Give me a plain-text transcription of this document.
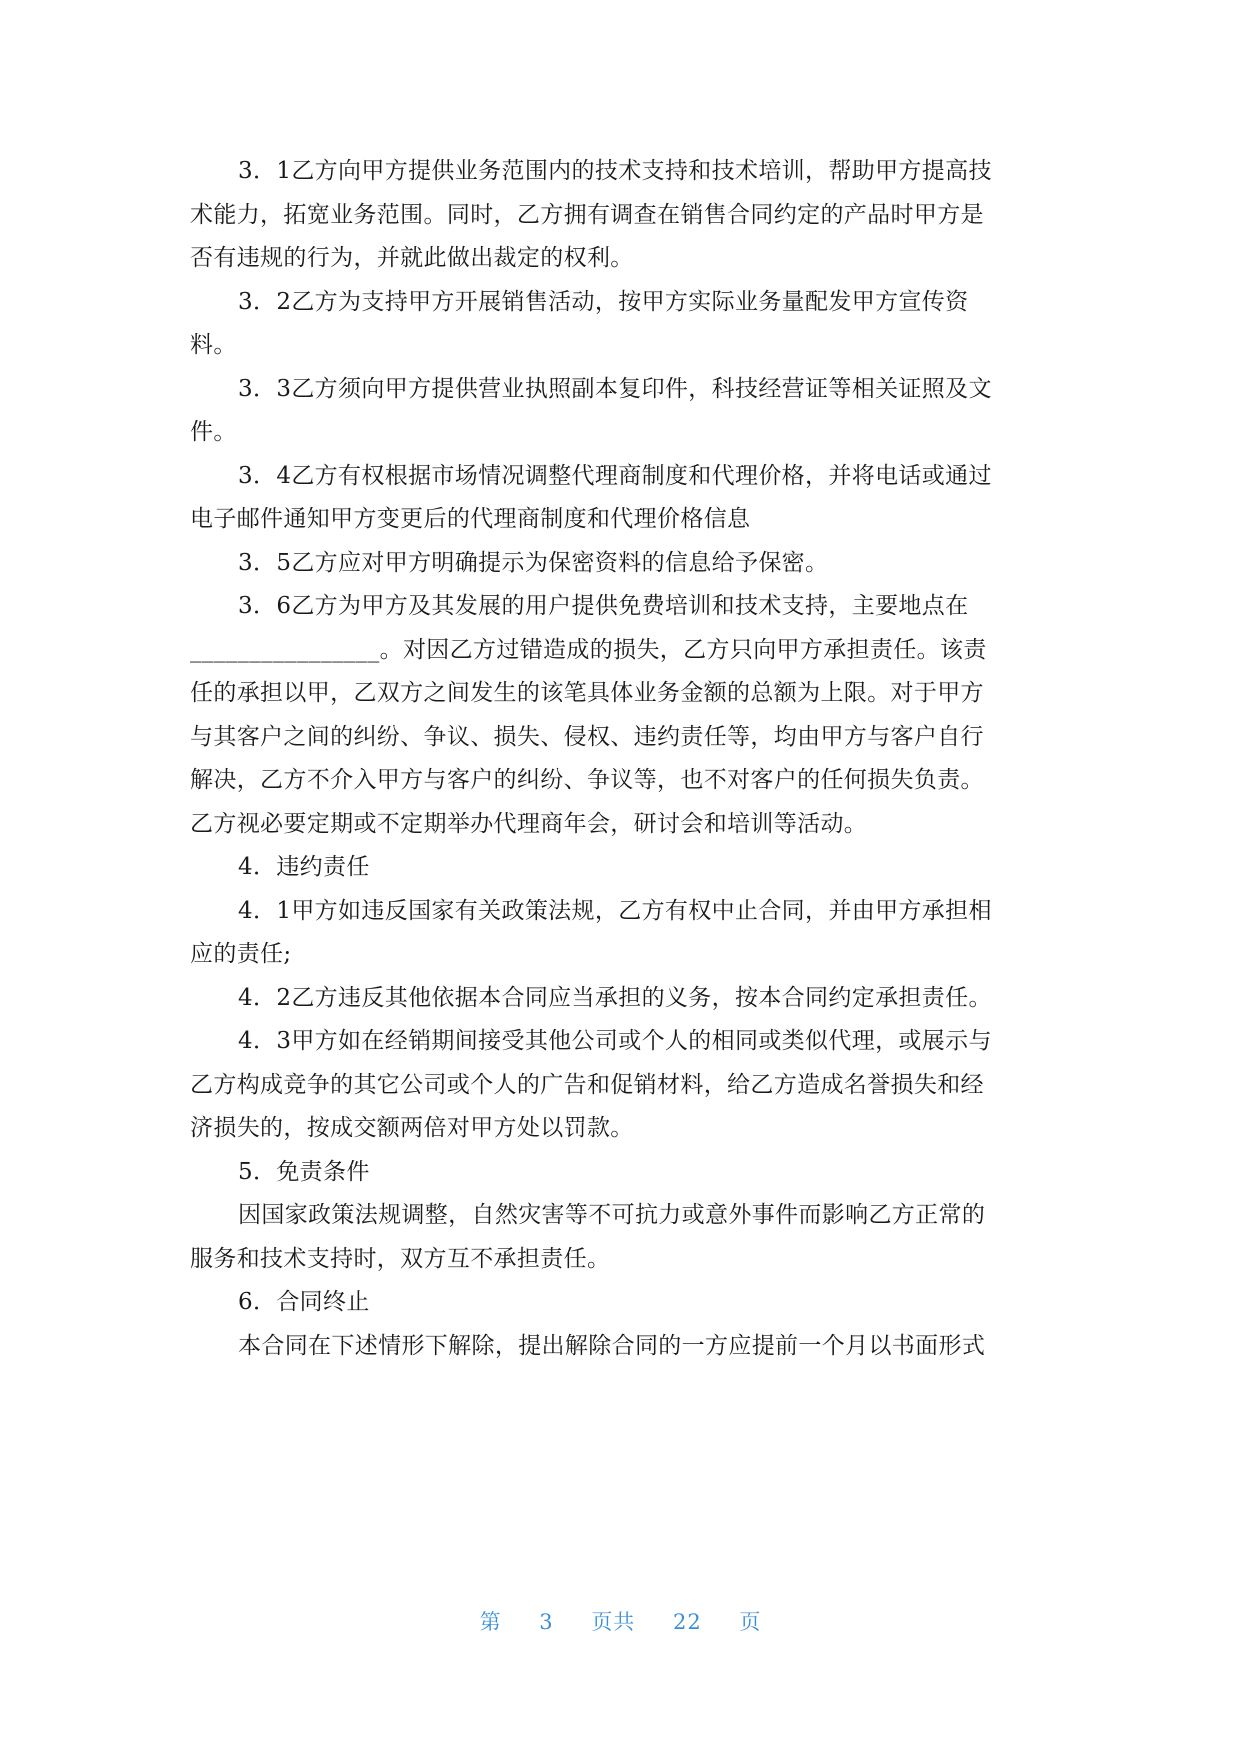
3．1乙方向甲方提供业务范围内的技术支持和技术培训，帮助甲方提高技
术能力，拓宽业务范围。同时，乙方拥有调查在销售合同约定的产品时甲方是
否有违规的行为，并就此做出裁定的权利。
3．2乙方为支持甲方开展销售活动，按甲方实际业务量配发甲方宣传资
料。
3．3乙方须向甲方提供营业执照副本复印件，科技经营证等相关证照及文
件。
3．4乙方有权根据市场情况调整代理商制度和代理价格，并将电话或通过
电子邮件通知甲方变更后的代理商制度和代理价格信息
3．5乙方应对甲方明确提示为保密资料的信息给予保密。
3．6乙方为甲方及其发展的用户提供免费培训和技术支持，主要地点在
________________。对因乙方过错造成的损失，乙方只向甲方承担责任。该责
任的承担以甲，乙双方之间发生的该笔具体业务金额的总额为上限。对于甲方
与其客户之间的纠纷、争议、损失、侵权、违约责任等，均由甲方与客户自行
解决，乙方不介入甲方与客户的纠纷、争议等，也不对客户的任何损失负责。
乙方视必要定期或不定期举办代理商年会，研讨会和培训等活动。
4．违约责任
4．1甲方如违反国家有关政策法规，乙方有权中止合同，并由甲方承担相
应的责任;
4．2乙方违反其他依据本合同应当承担的义务，按本合同约定承担责任。
4．3甲方如在经销期间接受其他公司或个人的相同或类似代理，或展示与
乙方构成竞争的其它公司或个人的广告和促销材料，给乙方造成名誉损失和经
济损失的，按成交额两倍对甲方处以罚款。
5．免责条件
因国家政策法规调整，自然灾害等不可抗力或意外事件而影响乙方正常的
服务和技术支持时，双方互不承担责任。
6．合同终止
本合同在下述情形下解除，提出解除合同的一方应提前一个月以书面形式
第 3 页共 22 页
